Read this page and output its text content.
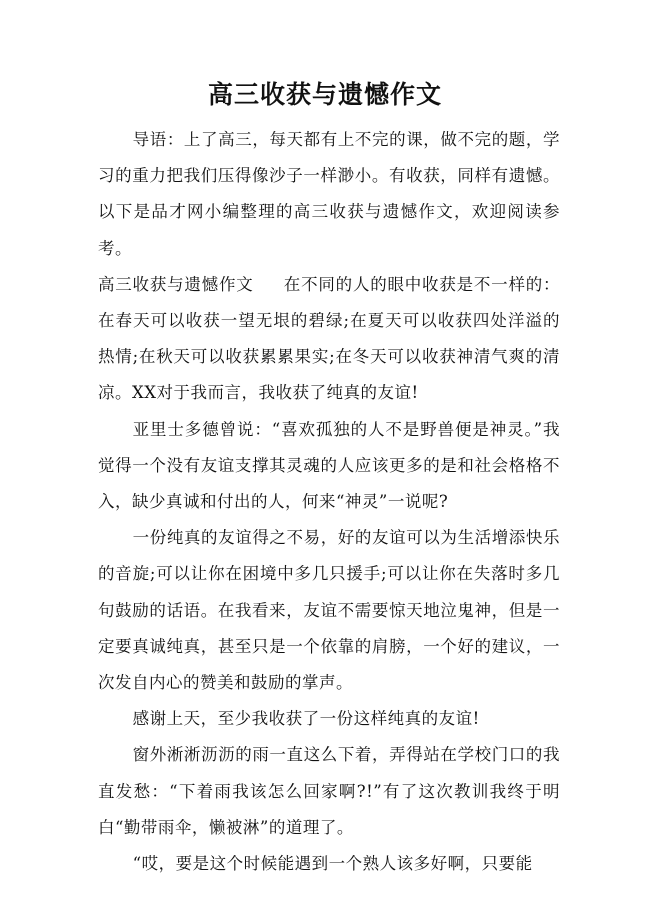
高三收获与遗憾作文

导语：上了高三，每天都有上不完的课，做不完的题，学习的重力把我们压得像沙子一样渺小。有收获，同样有遗憾。以下是品才网小编整理的高三收获与遗憾作文，欢迎阅读参考。

高三收获与遗憾作文 在不同的人的眼中收获是不一样的：在春天可以收获一望无垠的碧绿;在夏天可以收获四处洋溢的热情;在秋天可以收获累累果实;在冬天可以收获神清气爽的清凉。XX对于我而言，我收获了纯真的友谊!

亚里士多德曾说：“喜欢孤独的人不是野兽便是神灵。”我觉得一个没有友谊支撑其灵魂的人应该更多的是和社会格格不入，缺少真诚和付出的人，何来“神灵”一说呢?

一份纯真的友谊得之不易，好的友谊可以为生活增添快乐的音旋;可以让你在困境中多几只援手;可以让你在失落时多几句鼓励的话语。在我看来，友谊不需要惊天地泣鬼神，但是一定要真诚纯真，甚至只是一个依靠的肩膀，一个好的建议，一次发自内心的赞美和鼓励的掌声。

感谢上天，至少我收获了一份这样纯真的友谊!

窗外淅淅沥沥的雨一直这么下着，弄得站在学校门口的我直发愁：“下着雨我该怎么回家啊?!”有了这次教训我终于明白“勤带雨伞，懒被淋”的道理了。

“哎，要是这个时候能遇到一个熟人该多好啊，只要能
